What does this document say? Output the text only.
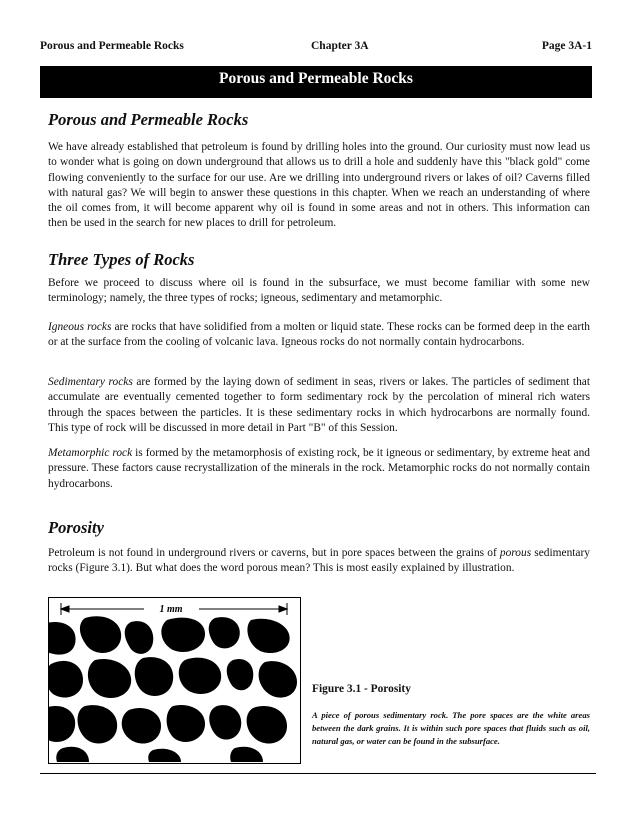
Porous and Permeable Rocks	Chapter 3A	Page 3A-1
Porous and Permeable Rocks
Porous and Permeable Rocks

We have already established that petroleum is found by drilling holes into the ground. Our curiosity must now lead us to wonder what is going on down underground that allows us to drill a hole and suddenly have this "black gold" come flowing conveniently to the surface for our use. Are we drilling into underground rivers or lakes of oil? Caverns filled with natural gas? We will begin to answer these questions in this chapter. When we reach an understanding of where the oil comes from, it will become apparent why oil is found in some areas and not in others. This information can then be used in the search for new places to drill for petroleum.

Three Types of Rocks

Before we proceed to discuss where oil is found in the subsurface, we must become familiar with some new terminology; namely, the three types of rocks; igneous, sedimentary and metamorphic.

Igneous rocks are rocks that have solidified from a molten or liquid state. These rocks can be formed deep in the earth or at the surface from the cooling of volcanic lava. Igneous rocks do not normally contain hydrocarbons.

Sedimentary rocks are formed by the laying down of sediment in seas, rivers or lakes. The particles of sediment that accumulate are eventually cemented together to form sedimentary rock by the percolation of mineral rich waters through the spaces between the particles. It is these sedimentary rocks in which hydrocarbons are normally found. This type of rock will be discussed in more detail in Part "B" of this Session.

Metamorphic rock is formed by the metamorphosis of existing rock, be it igneous or sedimentary, by extreme heat and pressure. These factors cause recrystallization of the minerals in the rock. Metamorphic rocks do not normally contain hydrocarbons.

Porosity

Petroleum is not found in underground rivers or caverns, but in pore spaces between the grains of porous sedimentary rocks (Figure 3.1). But what does the word porous mean? This is most easily explained by illustration.

1 mm
Figure 3.1 - Porosity

A piece of porous sedimentary rock. The pore spaces are the white areas between the dark grains. It is within such pore spaces that fluids such as oil, natural gas, or water can be found in the subsurface.
